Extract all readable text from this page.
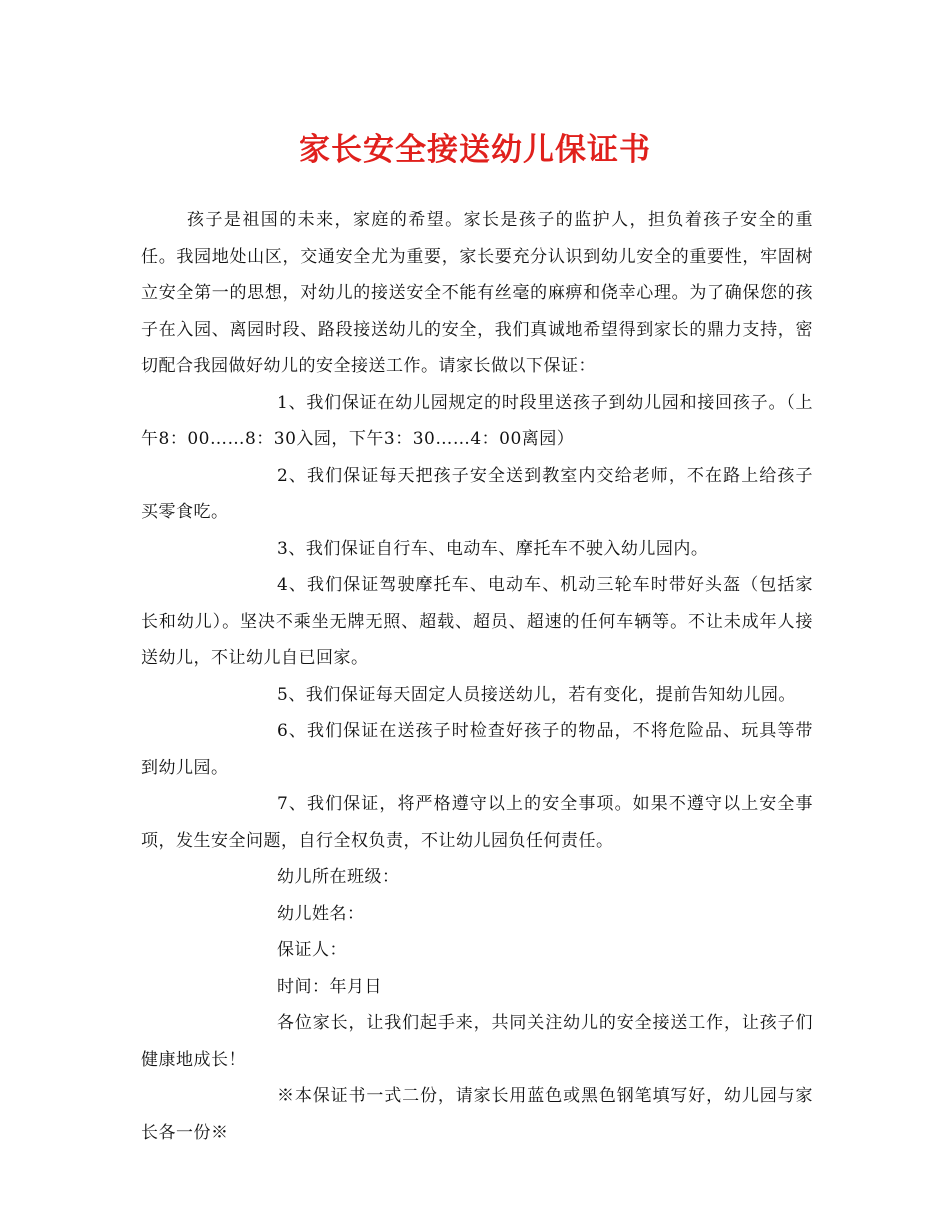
家长安全接送幼儿保证书

孩子是祖国的未来，家庭的希望。家长是孩子的监护人，担负着孩子安全的重任。我园地处山区，交通安全尤为重要，家长要充分认识到幼儿安全的重要性，牢固树立安全第一的思想，对幼儿的接送安全不能有丝毫的麻痹和侥幸心理。为了确保您的孩子在入园、离园时段、路段接送幼儿的安全，我们真诚地希望得到家长的鼎力支持，密切配合我园做好幼儿的安全接送工作。请家长做以下保证：

1、我们保证在幼儿园规定的时段里送孩子到幼儿园和接回孩子。（上午8：00……8：30入园，下午3：30……4：00离园）

2、我们保证每天把孩子安全送到教室内交给老师，不在路上给孩子买零食吃。

3、我们保证自行车、电动车、摩托车不驶入幼儿园内。

4、我们保证驾驶摩托车、电动车、机动三轮车时带好头盔（包括家长和幼儿）。坚决不乘坐无牌无照、超载、超员、超速的任何车辆等。不让未成年人接送幼儿，不让幼儿自已回家。

5、我们保证每天固定人员接送幼儿，若有变化，提前告知幼儿园。

6、我们保证在送孩子时检查好孩子的物品，不将危险品、玩具等带到幼儿园。

7、我们保证，将严格遵守以上的安全事项。如果不遵守以上安全事项，发生安全问题，自行全权负责，不让幼儿园负任何责任。

幼儿所在班级：

幼儿姓名：

保证人：

时间：年月日

各位家长，让我们起手来，共同关注幼儿的安全接送工作，让孩子们健康地成长！

※本保证书一式二份，请家长用蓝色或黑色钢笔填写好，幼儿园与家长各一份※
